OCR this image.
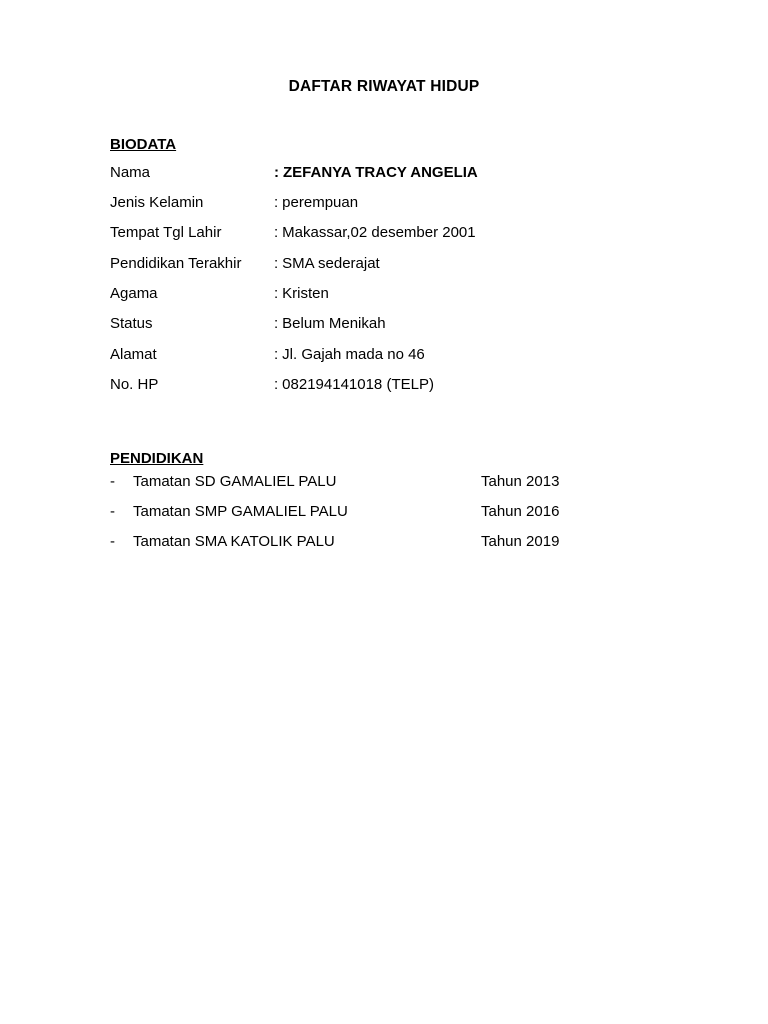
DAFTAR RIWAYAT HIDUP
BIODATA
Nama	: ZEFANYA TRACY ANGELIA
Jenis Kelamin	: perempuan
Tempat Tgl Lahir	: Makassar,02 desember 2001
Pendidikan Terakhir : SMA sederajat
Agama	: Kristen
Status	: Belum Menikah
Alamat	: Jl. Gajah mada no 46
No. HP	: 082194141018 (TELP)
PENDIDIKAN
- Tamatan SD GAMALIEL PALU	Tahun 2013
- Tamatan SMP GAMALIEL PALU	Tahun 2016
- Tamatan SMA KATOLIK PALU	Tahun 2019
